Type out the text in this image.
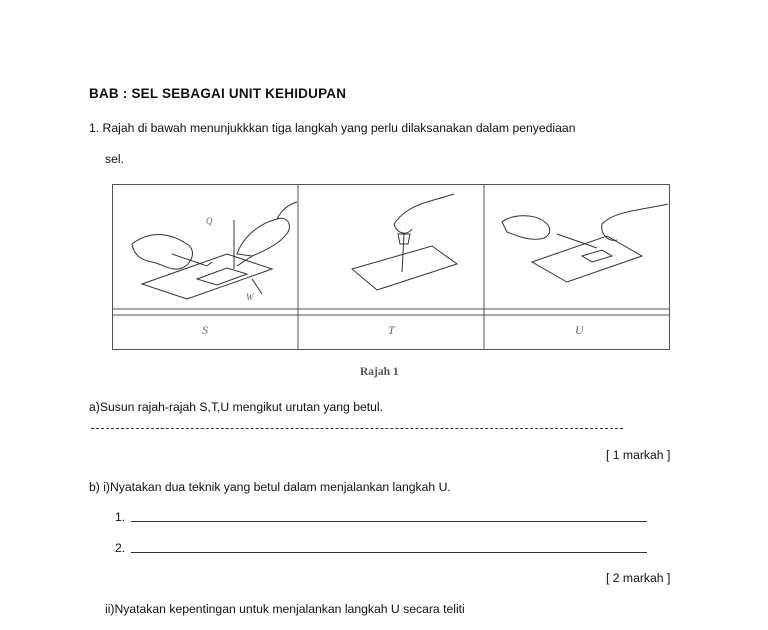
BAB : SEL SEBAGAI UNIT KEHIDUPAN
1. Rajah di bawah menunjukkkan tiga langkah yang perlu dilaksanakan dalam penyediaan
sel.
Q
W
S	T	U
Rajah 1
a)Susun rajah-rajah S,T,U mengikut urutan yang betul.
[ 1 markah ]
b) i)Nyatakan dua teknik yang betul dalam menjalankan langkah U.
1.
2.
[ 2 markah ]
ii)Nyatakan kepentingan untuk menjalankan langkah U secara teliti
